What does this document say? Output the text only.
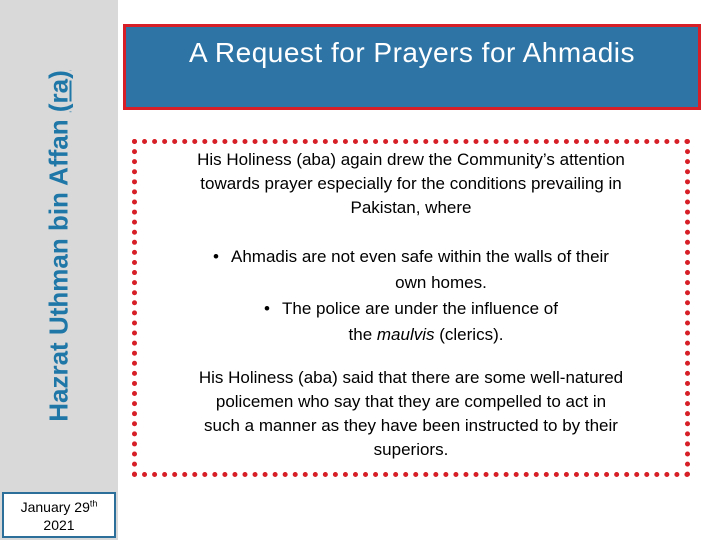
Hazrat Uthman bin Affan (ra)
January 29th
2021
A Request for Prayers for Ahmadis
His Holiness (aba) again drew the Community’s attention
towards prayer especially for the conditions prevailing in
Pakistan, where
• Ahmadis are not even safe within the walls of their
own homes.
• The police are under the influence of
the maulvis (clerics).
His Holiness (aba) said that there are some well-natured
policemen who say that they are compelled to act in
such a manner as they have been instructed to by their
superiors.
